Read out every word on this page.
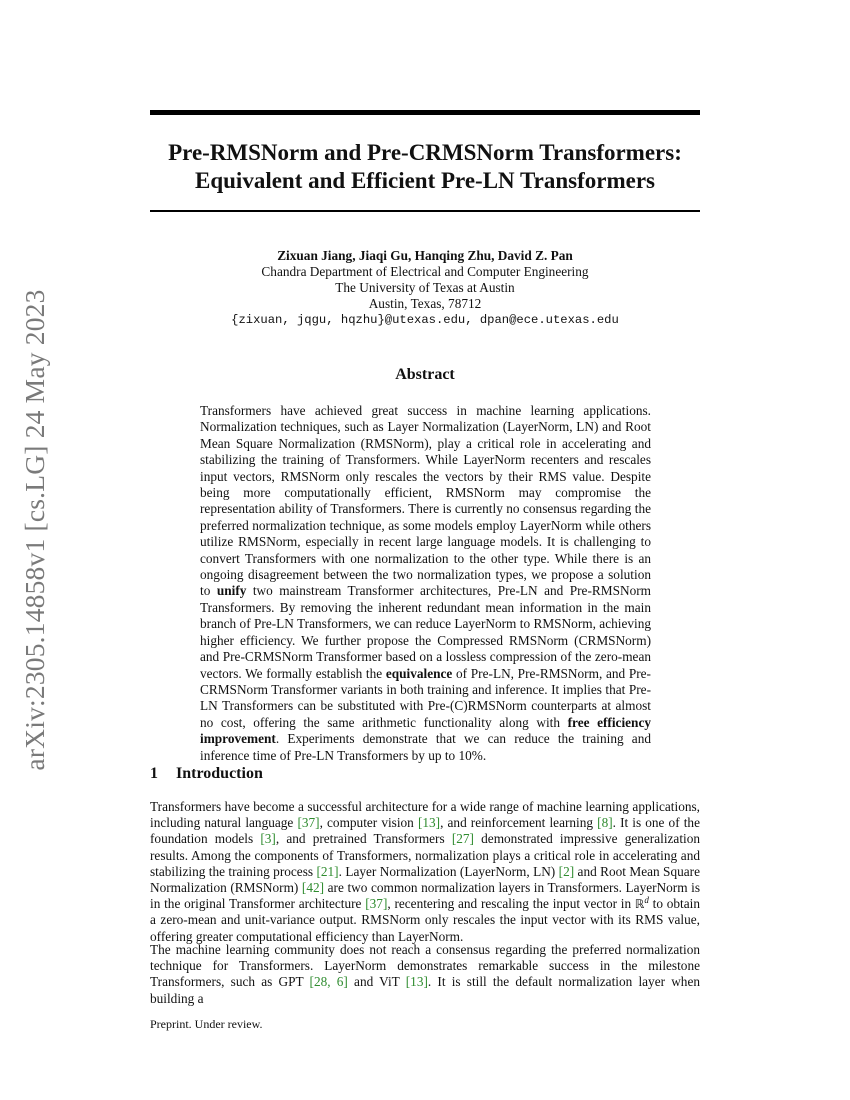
arXiv:2305.14858v1 [cs.LG] 24 May 2023
Pre-RMSNorm and Pre-CRMSNorm Transformers:
Equivalent and Efficient Pre-LN Transformers
Zixuan Jiang, Jiaqi Gu, Hanqing Zhu, David Z. Pan
Chandra Department of Electrical and Computer Engineering
The University of Texas at Austin
Austin, Texas, 78712
{zixuan, jqgu, hqzhu}@utexas.edu, dpan@ece.utexas.edu
Abstract
Transformers have achieved great success in machine learning applications. Normalization techniques, such as Layer Normalization (LayerNorm, LN) and Root Mean Square Normalization (RMSNorm), play a critical role in accelerating and stabilizing the training of Transformers. While LayerNorm recenters and rescales input vectors, RMSNorm only rescales the vectors by their RMS value. Despite being more computationally efficient, RMSNorm may compromise the representation ability of Transformers. There is currently no consensus regarding the preferred normalization technique, as some models employ LayerNorm while others utilize RMSNorm, especially in recent large language models. It is challenging to convert Transformers with one normalization to the other type. While there is an ongoing disagreement between the two normalization types, we propose a solution to unify two mainstream Transformer architectures, Pre-LN and Pre-RMSNorm Transformers. By removing the inherent redundant mean information in the main branch of Pre-LN Transformers, we can reduce LayerNorm to RMSNorm, achieving higher efficiency. We further propose the Compressed RMSNorm (CRMSNorm) and Pre-CRMSNorm Transformer based on a lossless compression of the zero-mean vectors. We formally establish the equivalence of Pre-LN, Pre-RMSNorm, and Pre-CRMSNorm Transformer variants in both training and inference. It implies that Pre-LN Transformers can be substituted with Pre-(C)RMSNorm counterparts at almost no cost, offering the same arithmetic functionality along with free efficiency improvement. Experiments demonstrate that we can reduce the training and inference time of Pre-LN Transformers by up to 10%.
1 Introduction
Transformers have become a successful architecture for a wide range of machine learning applications, including natural language [37], computer vision [13], and reinforcement learning [8]. It is one of the foundation models [3], and pretrained Transformers [27] demonstrated impressive generalization results. Among the components of Transformers, normalization plays a critical role in accelerating and stabilizing the training process [21]. Layer Normalization (LayerNorm, LN) [2] and Root Mean Square Normalization (RMSNorm) [42] are two common normalization layers in Transformers. LayerNorm is in the original Transformer architecture [37], recentering and rescaling the input vector in ℝ$^d$ to obtain a zero-mean and unit-variance output. RMSNorm only rescales the input vector with its RMS value, offering greater computational efficiency than LayerNorm.
The machine learning community does not reach a consensus regarding the preferred normalization technique for Transformers. LayerNorm demonstrates remarkable success in the milestone Transformers, such as GPT [28, 6] and ViT [13]. It is still the default normalization layer when building a
Preprint. Under review.
